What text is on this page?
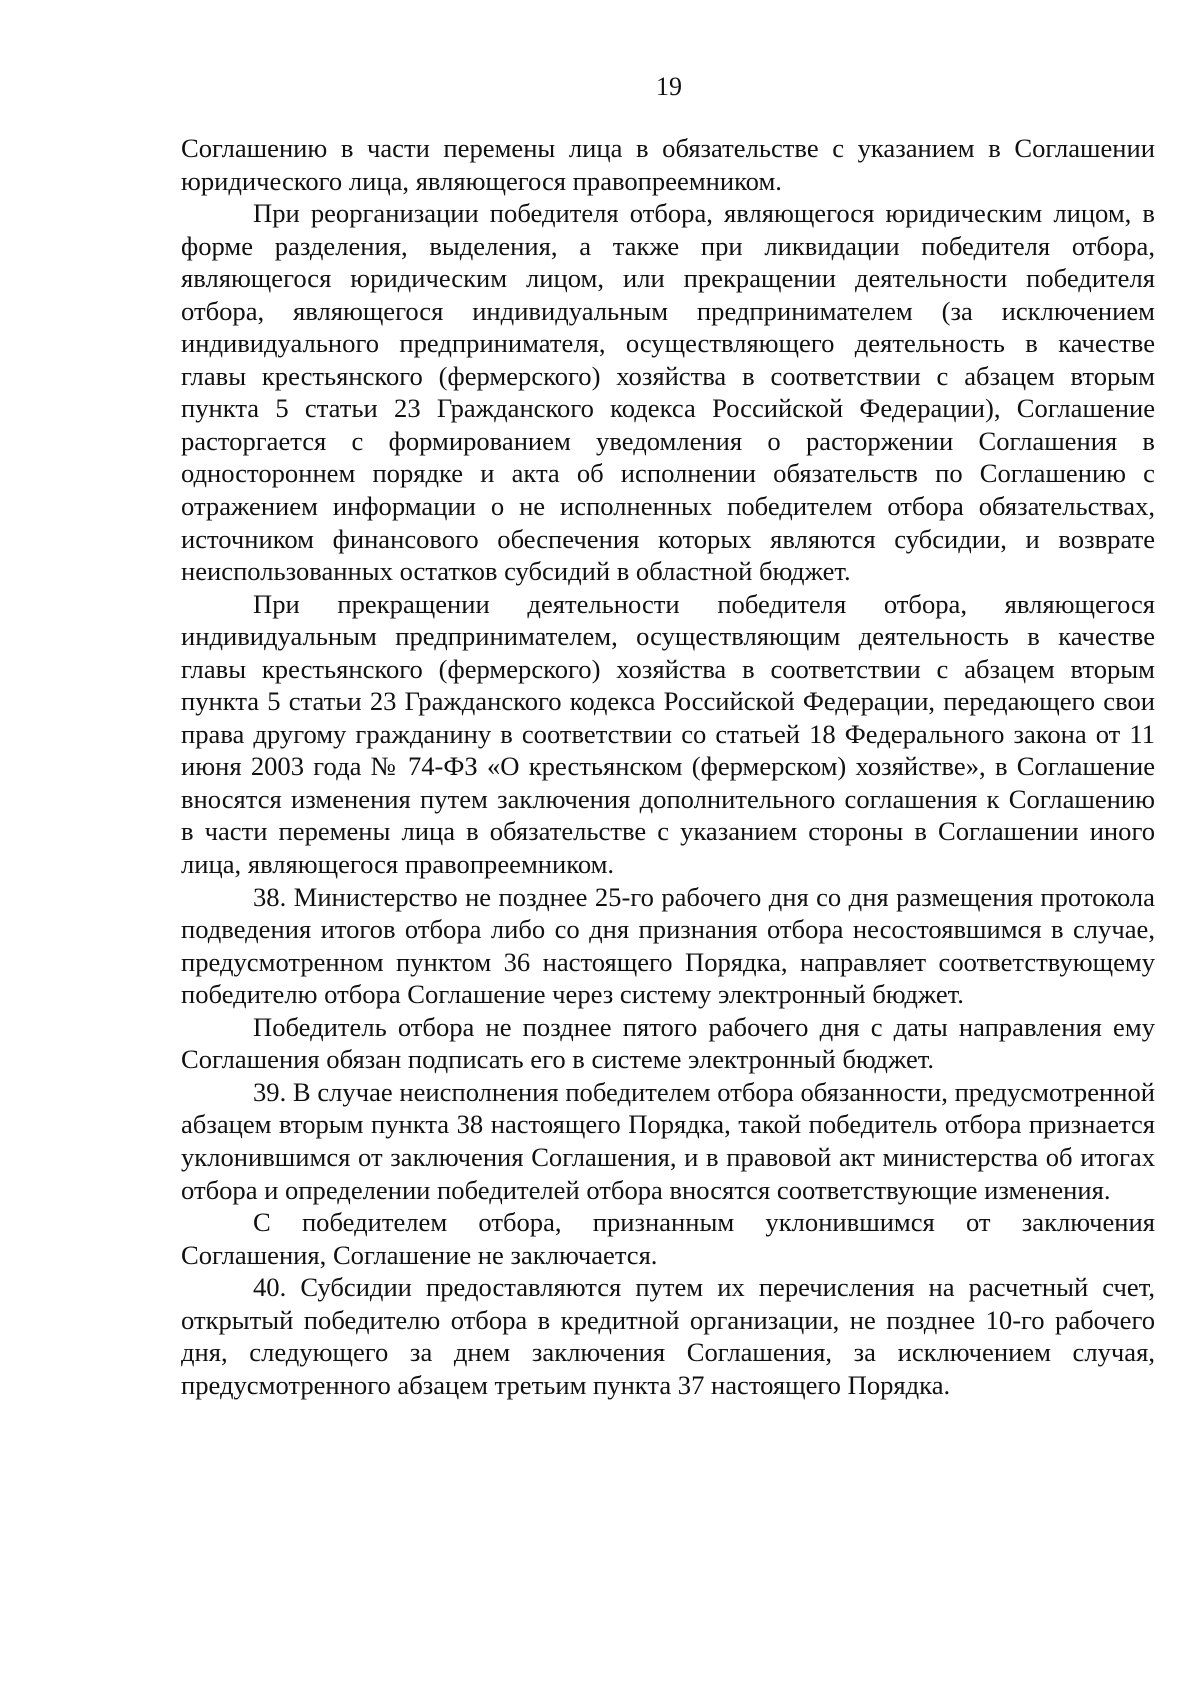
19

Соглашению в части перемены лица в обязательстве с указанием в Соглашении юридического лица, являющегося правопреемником.

При реорганизации победителя отбора, являющегося юридическим лицом, в форме разделения, выделения, а также при ликвидации победителя отбора, являющегося юридическим лицом, или прекращении деятельности победителя отбора, являющегося индивидуальным предпринимателем (за исключением индивидуального предпринимателя, осуществляющего деятельность в качестве главы крестьянского (фермерского) хозяйства в соответствии с абзацем вторым пункта 5 статьи 23 Гражданского кодекса Российской Федерации), Соглашение расторгается с формированием уведомления о расторжении Соглашения в одностороннем порядке и акта об исполнении обязательств по Соглашению с отражением информации о не исполненных победителем отбора обязательствах, источником финансового обеспечения которых являются субсидии, и возврате неиспользованных остатков субсидий в областной бюджет.

При прекращении деятельности победителя отбора, являющегося индивидуальным предпринимателем, осуществляющим деятельность в качестве главы крестьянского (фермерского) хозяйства в соответствии с абзацем вторым пункта 5 статьи 23 Гражданского кодекса Российской Федерации, передающего свои права другому гражданину в соответствии со статьей 18 Федерального закона от 11 июня 2003 года № 74-ФЗ «О крестьянском (фермерском) хозяйстве», в Соглашение вносятся изменения путем заключения дополнительного соглашения к Соглашению в части перемены лица в обязательстве с указанием стороны в Соглашении иного лица, являющегося правопреемником.

38. Министерство не позднее 25-го рабочего дня со дня размещения протокола подведения итогов отбора либо со дня признания отбора несостоявшимся в случае, предусмотренном пунктом 36 настоящего Порядка, направляет соответствующему победителю отбора Соглашение через систему электронный бюджет.

Победитель отбора не позднее пятого рабочего дня с даты направления ему Соглашения обязан подписать его в системе электронный бюджет.

39. В случае неисполнения победителем отбора обязанности, предусмотренной абзацем вторым пункта 38 настоящего Порядка, такой победитель отбора признается уклонившимся от заключения Соглашения, и в правовой акт министерства об итогах отбора и определении победителей отбора вносятся соответствующие изменения.

С победителем отбора, признанным уклонившимся от заключения Соглашения, Соглашение не заключается.

40. Субсидии предоставляются путем их перечисления на расчетный счет, открытый победителю отбора в кредитной организации, не позднее 10-го рабочего дня, следующего за днем заключения Соглашения, за исключением случая, предусмотренного абзацем третьим пункта 37 настоящего Порядка.
